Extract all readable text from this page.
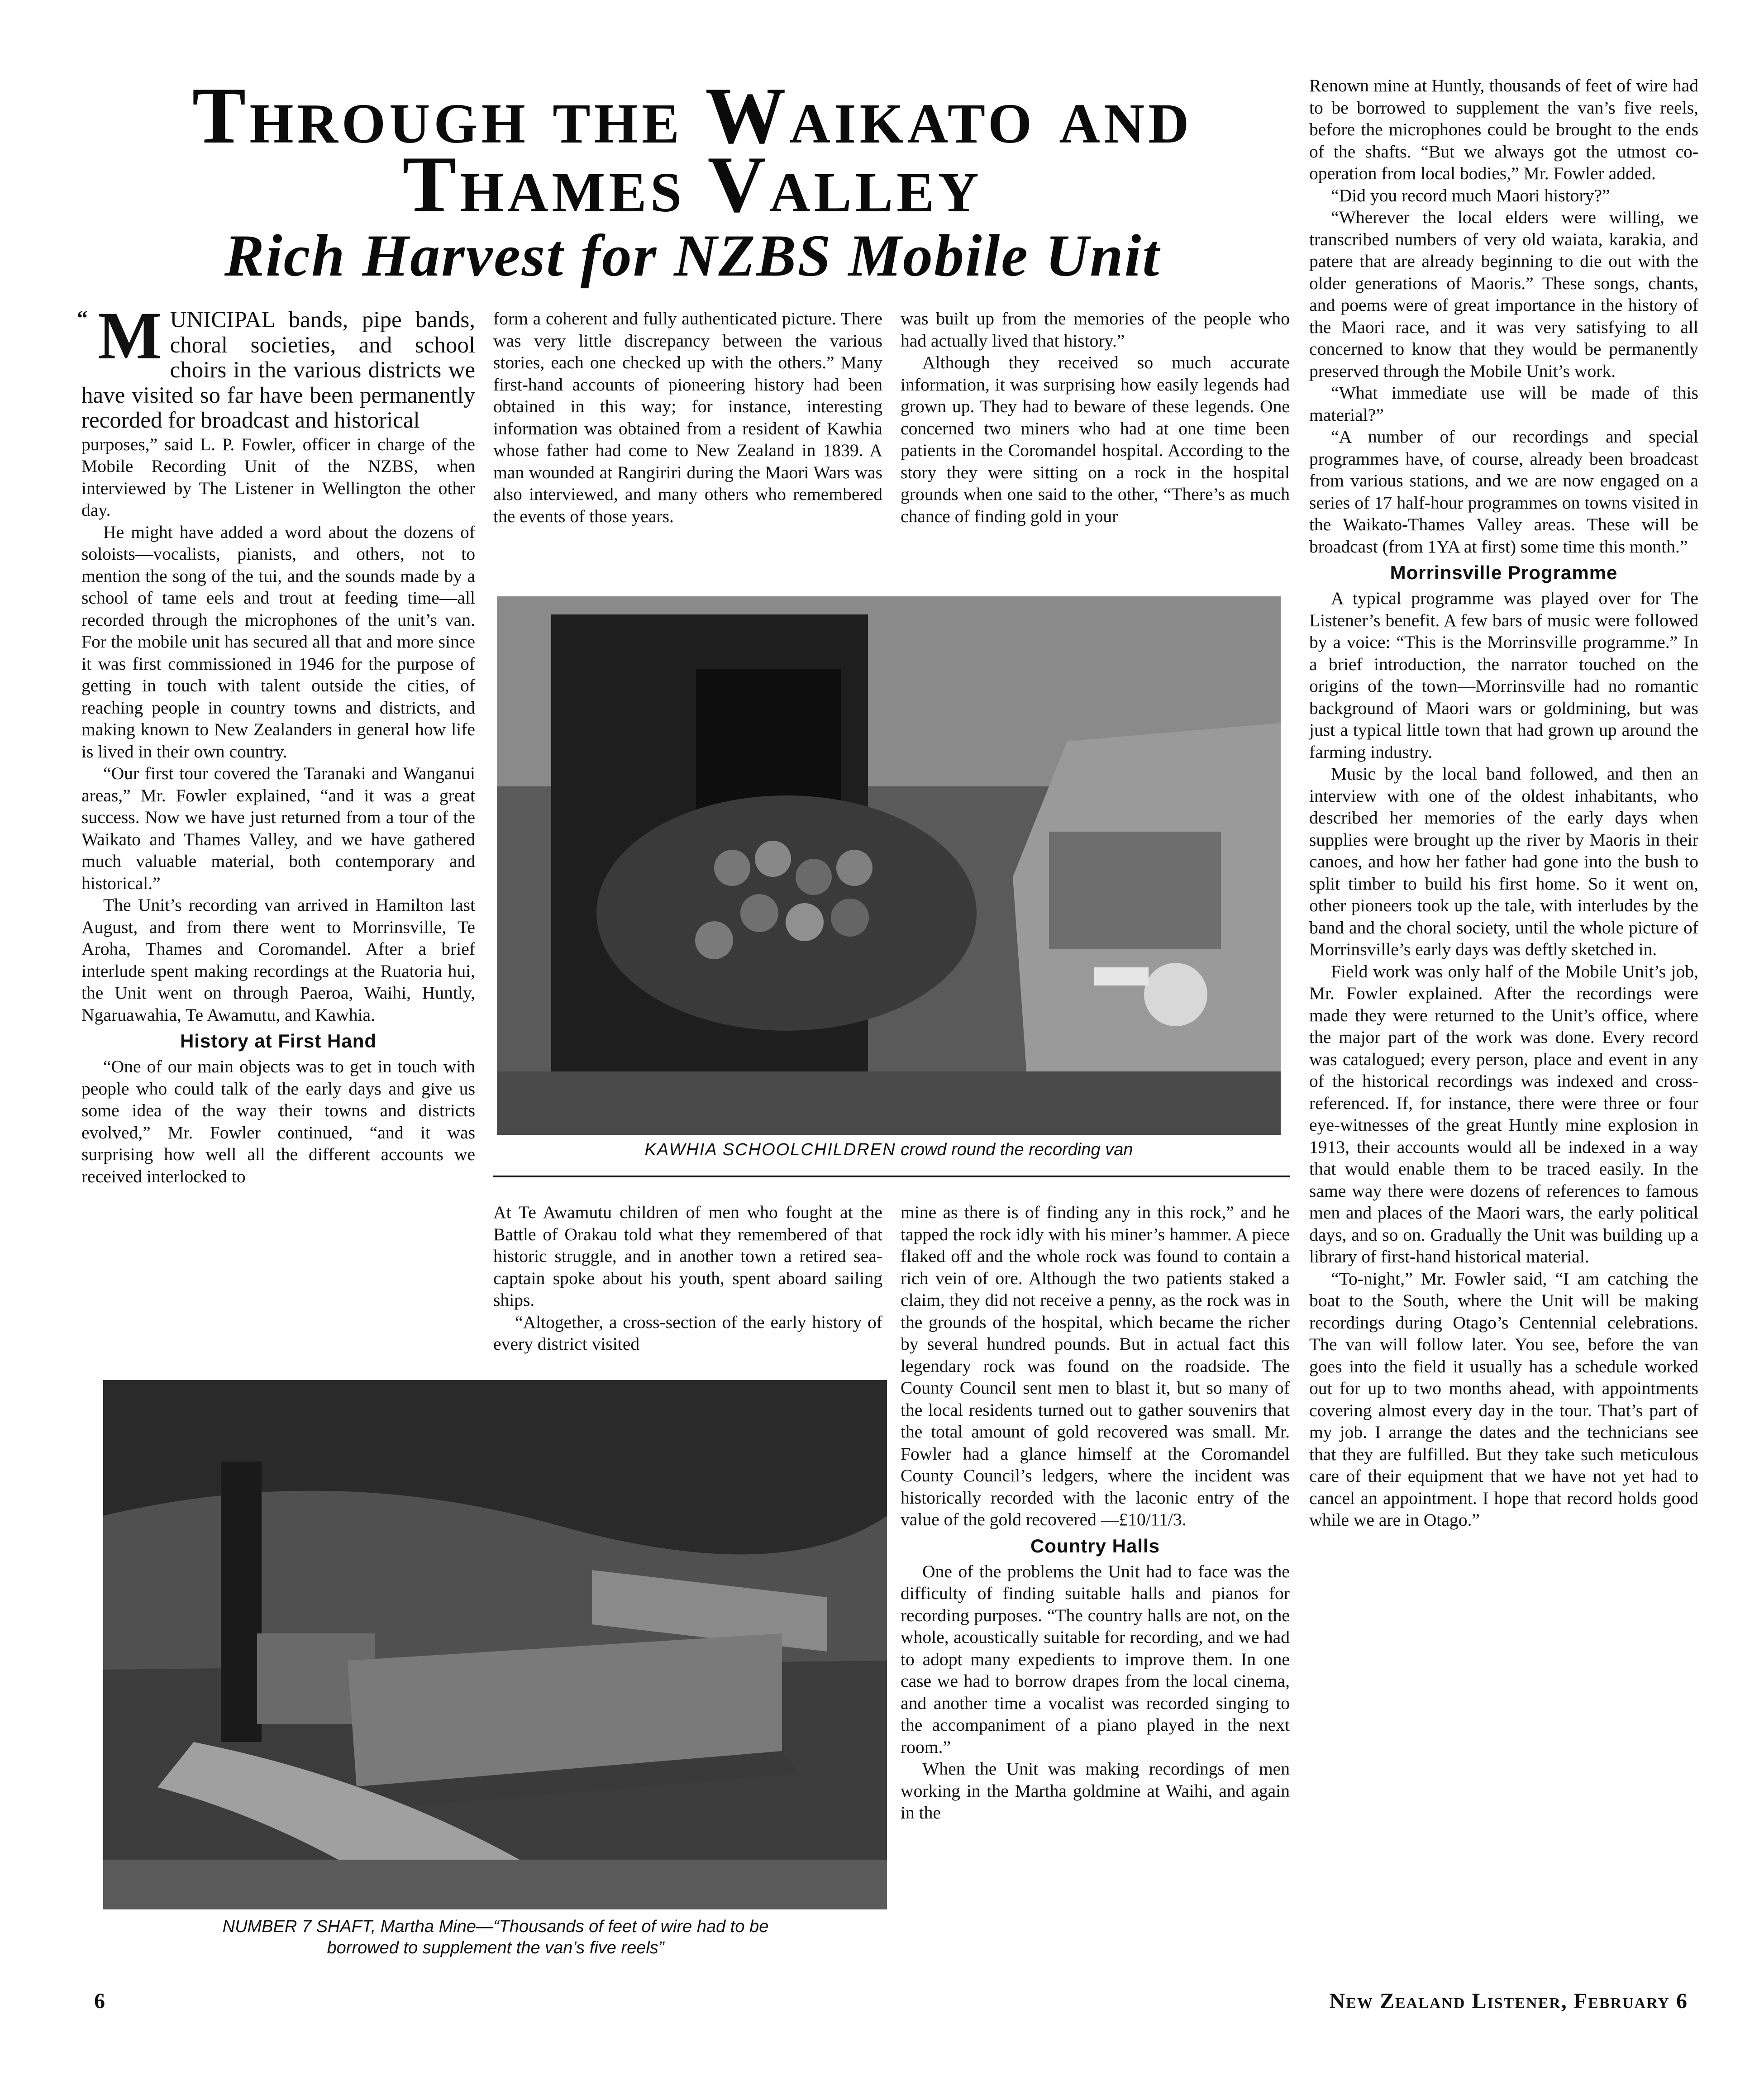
Through the Waikato and
Thames Valley
Rich Harvest for NZBS Mobile Unit
“ M UNICIPAL bands, pipe bands, choral societies, and school choirs in the various districts we have visited so far have been permanently recorded for broadcast and historical

purposes,” said L. P. Fowler, officer in charge of the Mobile Recording Unit of the NZBS, when interviewed by The Listener in Wellington the other day.

He might have added a word about the dozens of soloists—vocalists, pianists, and others, not to mention the song of the tui, and the sounds made by a school of tame eels and trout at feeding time—all recorded through the microphones of the unit’s van. For the mobile unit has secured all that and more since it was first commissioned in 1946 for the purpose of getting in touch with talent outside the cities, of reaching people in country towns and districts, and making known to New Zealanders in general how life is lived in their own country.

“Our first tour covered the Taranaki and Wanganui areas,” Mr. Fowler explained, “and it was a great success. Now we have just returned from a tour of the Waikato and Thames Valley, and we have gathered much valuable material, both contemporary and historical.”

The Unit’s recording van arrived in Hamilton last August, and from there went to Morrinsville, Te Aroha, Thames and Coromandel. After a brief interlude spent making recordings at the Ruatoria hui, the Unit went on through Paeroa, Waihi, Huntly, Ngaruawahia, Te Awamutu, and Kawhia.

History at First Hand

“One of our main objects was to get in touch with people who could talk of the early days and give us some idea of the way their towns and districts evolved,” Mr. Fowler continued, “and it was surprising how well all the different accounts we received interlocked to

form a coherent and fully authenticated picture. There was very little discrepancy between the various stories, each one checked up with the others.” Many first-hand accounts of pioneering history had been obtained in this way; for instance, interesting information was obtained from a resident of Kawhia whose father had come to New Zealand in 1839. A man wounded at Rangiriri during the Maori Wars was also interviewed, and many others who remembered the events of those years.

was built up from the memories of the people who had actually lived that history.”

Although they received so much accurate information, it was surprising how easily legends had grown up. They had to beware of these legends. One concerned two miners who had at one time been patients in the Coromandel hospital. According to the story they were sitting on a rock in the hospital grounds when one said to the other, “There’s as much chance of finding gold in your

KAWHIA SCHOOLCHILDREN crowd round the recording van

At Te Awamutu children of men who fought at the Battle of Orakau told what they remembered of that historic struggle, and in another town a retired sea-captain spoke about his youth, spent aboard sailing ships.

“Altogether, a cross-section of the early history of every district visited

NUMBER 7 SHAFT, Martha Mine—“Thousands of feet of wire had to be
borrowed to supplement the van’s five reels”

mine as there is of finding any in this rock,” and he tapped the rock idly with his miner’s hammer. A piece flaked off and the whole rock was found to contain a rich vein of ore. Although the two patients staked a claim, they did not receive a penny, as the rock was in the grounds of the hospital, which became the richer by several hundred pounds. But in actual fact this legendary rock was found on the roadside. The County Council sent men to blast it, but so many of the local residents turned out to gather souvenirs that the total amount of gold recovered was small. Mr. Fowler had a glance himself at the Coromandel County Council’s ledgers, where the incident was historically recorded with the laconic entry of the value of the gold recovered —£10/11/3.

Country Halls

One of the problems the Unit had to face was the difficulty of finding suitable halls and pianos for recording purposes. “The country halls are not, on the whole, acoustically suitable for recording, and we had to adopt many expedients to improve them. In one case we had to borrow drapes from the local cinema, and another time a vocalist was recorded singing to the accompaniment of a piano played in the next room.”

When the Unit was making recordings of men working in the Martha goldmine at Waihi, and again in the

Renown mine at Huntly, thousands of feet of wire had to be borrowed to supplement the van’s five reels, before the microphones could be brought to the ends of the shafts. “But we always got the utmost co-operation from local bodies,” Mr. Fowler added.

“Did you record much Maori history?”

“Wherever the local elders were willing, we transcribed numbers of very old waiata, karakia, and patere that are already beginning to die out with the older generations of Maoris.” These songs, chants, and poems were of great importance in the history of the Maori race, and it was very satisfying to all concerned to know that they would be permanently preserved through the Mobile Unit’s work.

“What immediate use will be made of this material?”

“A number of our recordings and special programmes have, of course, already been broadcast from various stations, and we are now engaged on a series of 17 half-hour programmes on towns visited in the Waikato-Thames Valley areas. These will be broadcast (from 1YA at first) some time this month.”

Morrinsville Programme

A typical programme was played over for The Listener’s benefit. A few bars of music were followed by a voice: “This is the Morrinsville programme.” In a brief introduction, the narrator touched on the origins of the town—Morrinsville had no romantic background of Maori wars or goldmining, but was just a typical little town that had grown up around the farming industry.

Music by the local band followed, and then an interview with one of the oldest inhabitants, who described her memories of the early days when supplies were brought up the river by Maoris in their canoes, and how her father had gone into the bush to split timber to build his first home. So it went on, other pioneers took up the tale, with interludes by the band and the choral society, until the whole picture of Morrinsville’s early days was deftly sketched in.

Field work was only half of the Mobile Unit’s job, Mr. Fowler explained. After the recordings were made they were returned to the Unit’s office, where the major part of the work was done. Every record was catalogued; every person, place and event in any of the historical recordings was indexed and cross-referenced. If, for instance, there were three or four eye-witnesses of the great Huntly mine explosion in 1913, their accounts would all be indexed in a way that would enable them to be traced easily. In the same way there were dozens of references to famous men and places of the Maori wars, the early political days, and so on. Gradually the Unit was building up a library of first-hand historical material.

“To-night,” Mr. Fowler said, “I am catching the boat to the South, where the Unit will be making recordings during Otago’s Centennial celebrations. The van will follow later. You see, before the van goes into the field it usually has a schedule worked out for up to two months ahead, with appointments covering almost every day in the tour. That’s part of my job. I arrange the dates and the technicians see that they are fulfilled. But they take such meticulous care of their equipment that we have not yet had to cancel an appointment. I hope that record holds good while we are in Otago.”

6	New Zealand Listener, February 6
